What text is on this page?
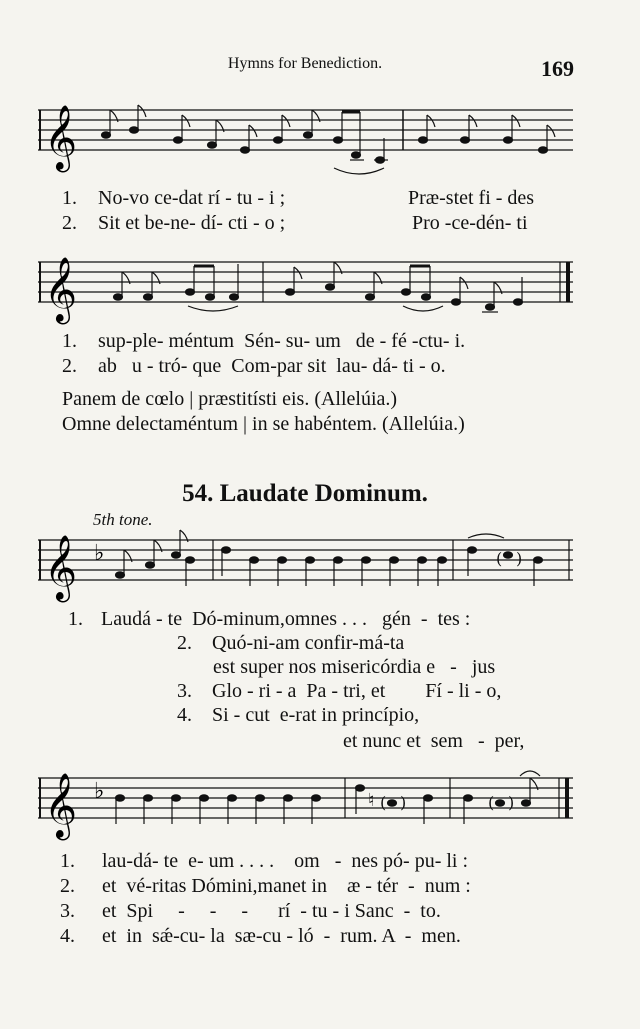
Hymns for Benediction.	169
𝄞
1. No-vo ce-dat rí - tu - i ;	Præ-stet fi - des
2. Sit et be-ne- dí- cti - o ;	Pro -ce-dén- ti
𝄞
1. sup-ple- méntum  Sén- su- um   de - fé -ctu- i.
2. ab   u - tró- que  Com-par sit  lau- dá- ti - o.
Panem de cœlo | præstitísti eis. (Allelúia.)
Omne delectaméntum | in se habéntem. (Allelúia.)
54. Laudate Dominum.
5th tone.
𝄞 ♭	( )
1. Laudá - te  Dó-minum,omnes . . .   gén  -  tes :
2. Quó-ni-am confir-má-ta
est super nos misericórdia e   -   jus
3. Glo - ri - a  Pa - tri, et        Fí - li - o,
4. Si - cut  e-rat in princípio,
et nunc et  sem   -  per,
𝄞 ♭	♮ ( )	( )
1. lau-dá- te  e- um . . . .    om   -  nes pó- pu- li :
2. et  vé-ritas Dómini,manet in    æ - tér  -  num :
3. et  Spi     -     -     -      rí  - tu - i Sanc  -  to.
4. et  in  sǽ-cu- la  sæ-cu - ló  -  rum. A  -  men.
